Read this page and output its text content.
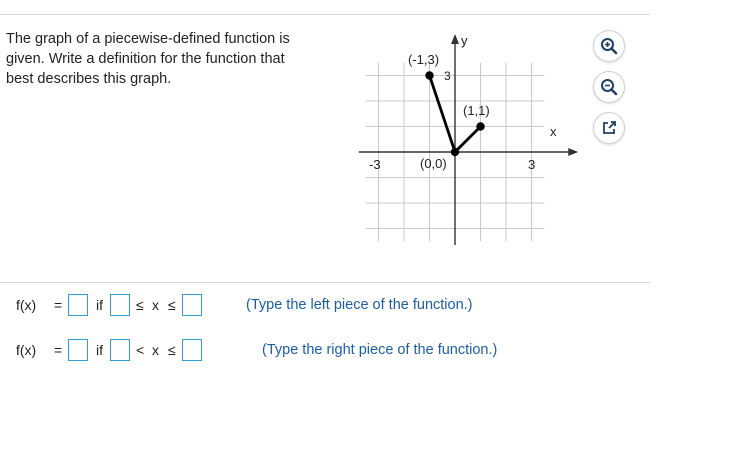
The graph of a piecewise-defined function is
given. Write a definition for the function that
best describes this graph.
x
y
-3	3
3
(-1,3)
(0,0)
(1,1)
f(x) = if ≤ x ≤	(Type the left piece of the function.)
f(x) = if < x ≤	(Type the right piece of the function.)
